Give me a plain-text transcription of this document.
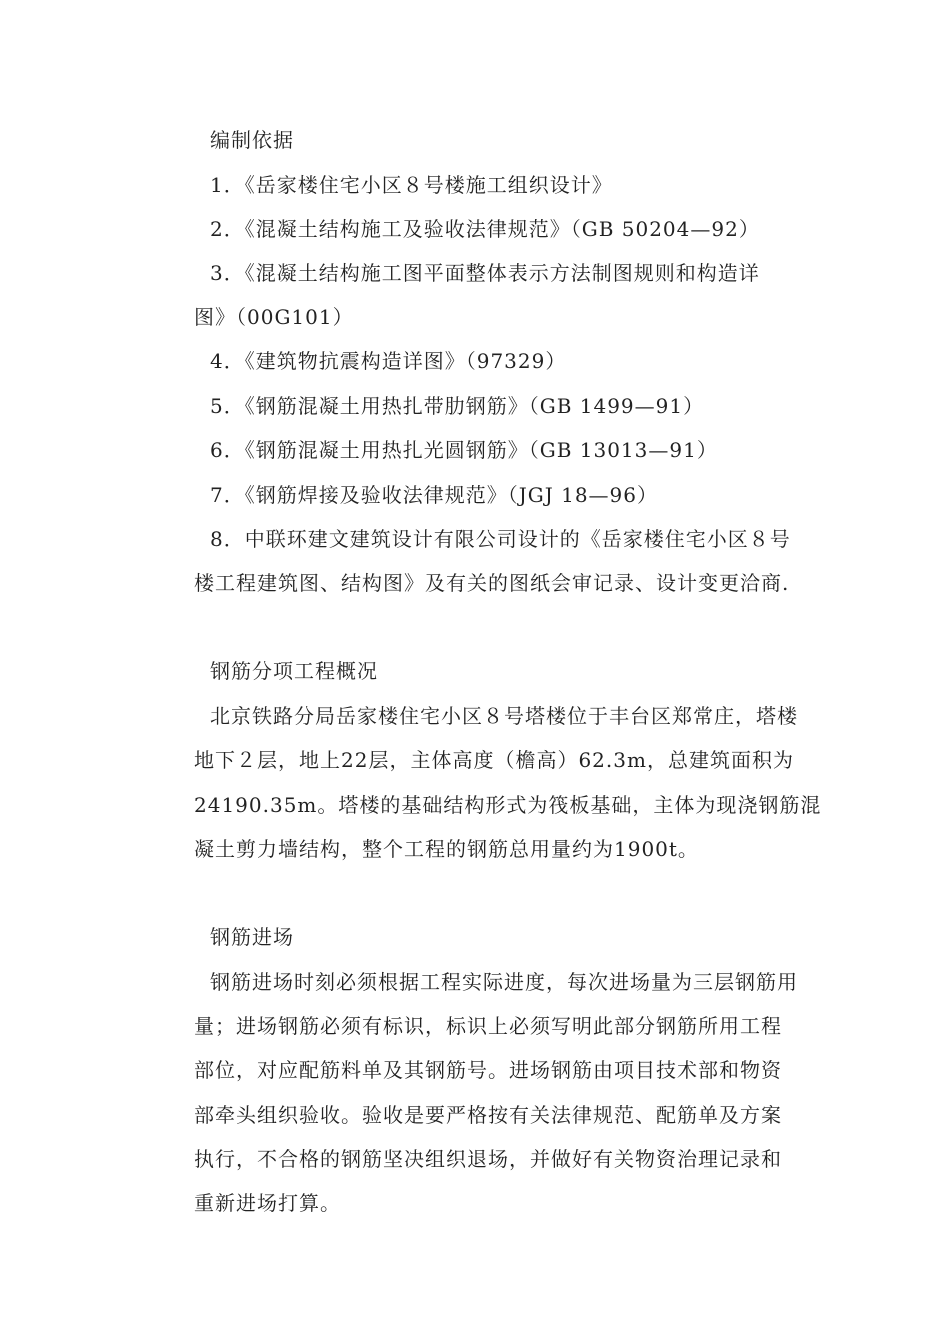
编制依据
1．《岳家楼住宅小区８号楼施工组织设计》
2．《混凝土结构施工及验收法律规范》（GB 50204—92）
3．《混凝土结构施工图平面整体表示方法制图规则和构造详
图》（00G101）
4．《建筑物抗震构造详图》（97329）
5．《钢筋混凝土用热扎带肋钢筋》（GB 1499—91）
6．《钢筋混凝土用热扎光圆钢筋》（GB 13013—91）
7．《钢筋焊接及验收法律规范》（JGJ 18—96）
8．中联环建文建筑设计有限公司设计的《岳家楼住宅小区８号
楼工程建筑图、结构图》及有关的图纸会审记录、设计变更洽商.
钢筋分项工程概况
北京铁路分局岳家楼住宅小区８号塔楼位于丰台区郑常庄，塔楼
地下２层，地上22层，主体高度（檐高）62.3m，总建筑面积为
24190.35m。塔楼的基础结构形式为筏板基础，主体为现浇钢筋混
凝土剪力墙结构，整个工程的钢筋总用量约为1900t。
钢筋进场
钢筋进场时刻必须根据工程实际进度，每次进场量为三层钢筋用
量；进场钢筋必须有标识，标识上必须写明此部分钢筋所用工程
部位，对应配筋料单及其钢筋号。进场钢筋由项目技术部和物资
部牵头组织验收。验收是要严格按有关法律规范、配筋单及方案
执行，不合格的钢筋坚决组织退场，并做好有关物资治理记录和
重新进场打算。
